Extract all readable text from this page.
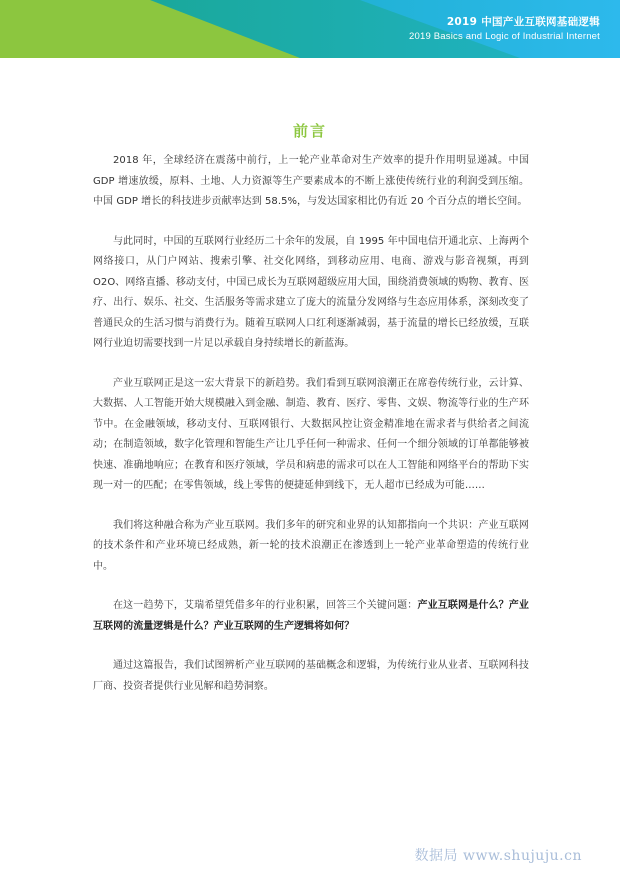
2019 中国产业互联网基础逻辑
2019 Basics and Logic of Industrial Internet
前言

2018 年，全球经济在震荡中前行，上一轮产业革命对生产效率的提升作用明显递减。中国 GDP 增速放缓，原料、土地、人力资源等生产要素成本的不断上涨使传统行业的利润受到压缩。中国 GDP 增长的科技进步贡献率达到 58.5%，与发达国家相比仍有近 20 个百分点的增长空间。

与此同时，中国的互联网行业经历二十余年的发展，自 1995 年中国电信开通北京、上海两个网络接口，从门户网站、搜索引擎、社交化网络，到移动应用、电商、游戏与影音视频，再到 O2O、网络直播、移动支付，中国已成长为互联网超级应用大国，围绕消费领域的购物、教育、医疗、出行、娱乐、社交、生活服务等需求建立了庞大的流量分发网络与生态应用体系，深刻改变了普通民众的生活习惯与消费行为。随着互联网人口红利逐渐减弱，基于流量的增长已经放缓，互联网行业迫切需要找到一片足以承载自身持续增长的新蓝海。

产业互联网正是这一宏大背景下的新趋势。我们看到互联网浪潮正在席卷传统行业，云计算、大数据、人工智能开始大规模融入到金融、制造、教育、医疗、零售、文娱、物流等行业的生产环节中。在金融领域，移动支付、互联网银行、大数据风控让资金精准地在需求者与供给者之间流动；在制造领域，数字化管理和智能生产让几乎任何一种需求、任何一个细分领域的订单都能够被快速、准确地响应；在教育和医疗领域，学员和病患的需求可以在人工智能和网络平台的帮助下实现一对一的匹配；在零售领域，线上零售的便捷延伸到线下，无人超市已经成为可能……

我们将这种融合称为产业互联网。我们多年的研究和业界的认知都指向一个共识：产业互联网的技术条件和产业环境已经成熟，新一轮的技术浪潮正在渗透到上一轮产业革命塑造的传统行业中。

在这一趋势下，艾瑞希望凭借多年的行业积累，回答三个关键问题：产业互联网是什么？产业互联网的流量逻辑是什么？产业互联网的生产逻辑将如何？

通过这篇报告，我们试图辨析产业互联网的基础概念和逻辑，为传统行业从业者、互联网科技厂商、投资者提供行业见解和趋势洞察。

数据局 www.shujuju.cn
